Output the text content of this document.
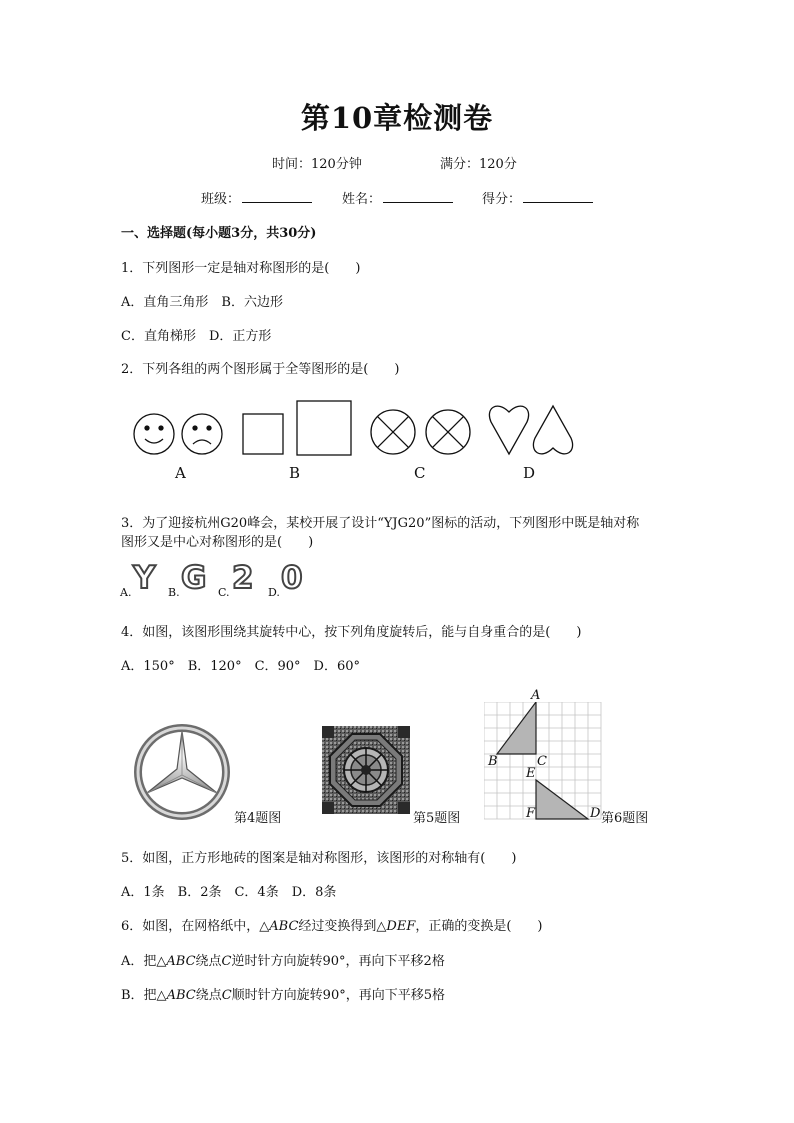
第10章检测卷
时间：120分钟	满分：120分
班级：	姓名：	得分：
一、选择题(每小题3分，共30分)
1．下列图形一定是轴对称图形的是(　　)
A．直角三角形　B．六边形
C．直角梯形　D．正方形
2．下列各组的两个图形属于全等图形的是(　　)
A	B	C	D
3．为了迎接杭州G20峰会，某校开展了设计“YJG20”图标的活动，下列图形中既是轴对称
图形又是中心对称图形的是(　　)
A. Y B. G C. 2 D. 0
4．如图，该图形围绕其旋转中心，按下列角度旋转后，能与自身重合的是(　　)
A．150°　B．120°　C．90°　D．60°
第4题图	第5题图
A
B	C
E
F	D 第6题图
5．如图，正方形地砖的图案是轴对称图形，该图形的对称轴有(　　)
A．1条　B．2条　C．4条　D．8条
6．如图，在网格纸中，△ABC经过变换得到△DEF，正确的变换是(　　)
A．把△ABC绕点C逆时针方向旋转90°，再向下平移2格
B．把△ABC绕点C顺时针方向旋转90°，再向下平移5格
